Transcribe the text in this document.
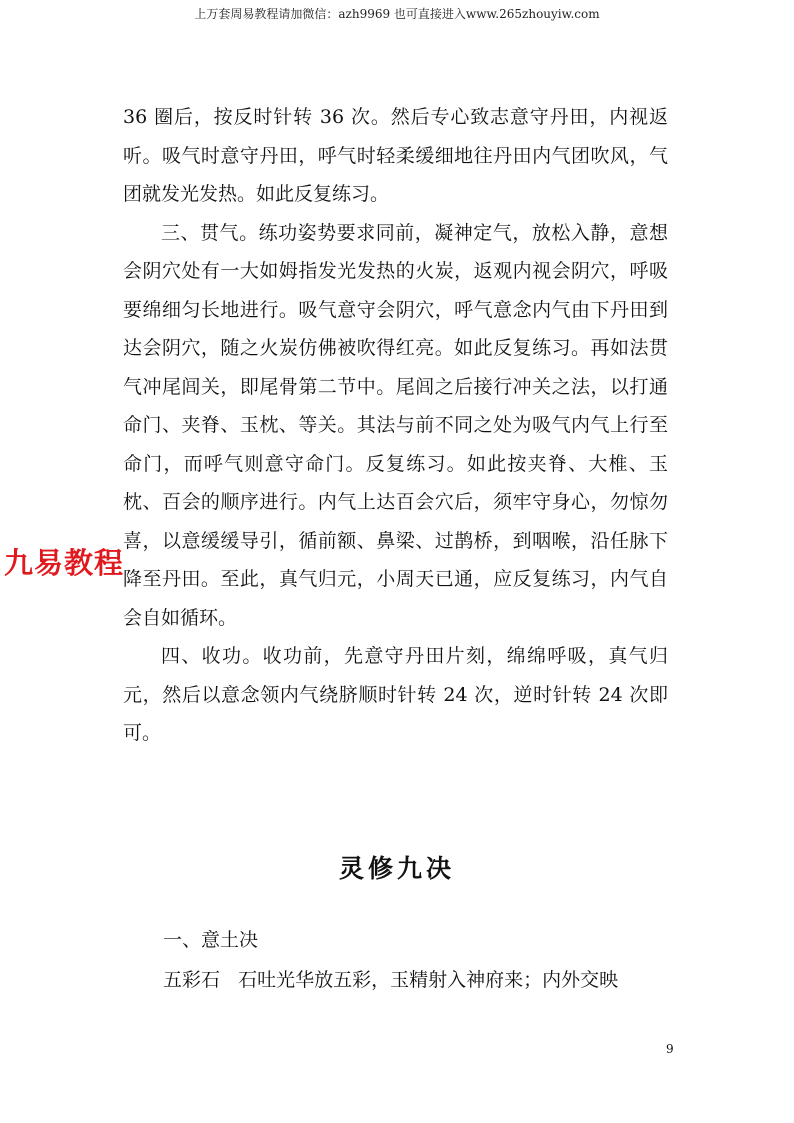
上万套周易教程请加微信：azh9969 也可直接进入www.265zhouyiw.com

36 圈后，按反时针转 36 次。然后专心致志意守丹田，内视返听。吸气时意守丹田，呼气时轻柔缓细地往丹田内气团吹风，气团就发光发热。如此反复练习。

三、贯气。练功姿势要求同前，凝神定气，放松入静，意想会阴穴处有一大如姆指发光发热的火炭，返观内视会阴穴，呼吸要绵细匀长地进行。吸气意守会阴穴，呼气意念内气由下丹田到达会阴穴，随之火炭仿佛被吹得红亮。如此反复练习。再如法贯气冲尾闾关，即尾骨第二节中。尾闾之后接行冲关之法，以打通命门、夹脊、玉枕、等关。其法与前不同之处为吸气内气上行至命门，而呼气则意守命门。反复练习。如此按夹脊、大椎、玉枕、百会的顺序进行。内气上达百会穴后，须牢守身心，勿惊勿喜，以意缓缓导引，循前额、鼻梁、过鹊桥，到咽喉，沿任脉下降至丹田。至此，真气归元，小周天已通，应反复练习，内气自会自如循环。

四、收功。收功前，先意守丹田片刻，绵绵呼吸，真气归元，然后以意念领内气绕脐顺时针转 24 次，逆时针转 24 次即可。

九易教程
灵修九决
一、意土决
五彩石   石吐光华放五彩，玉精射入神府来；内外交映
9
